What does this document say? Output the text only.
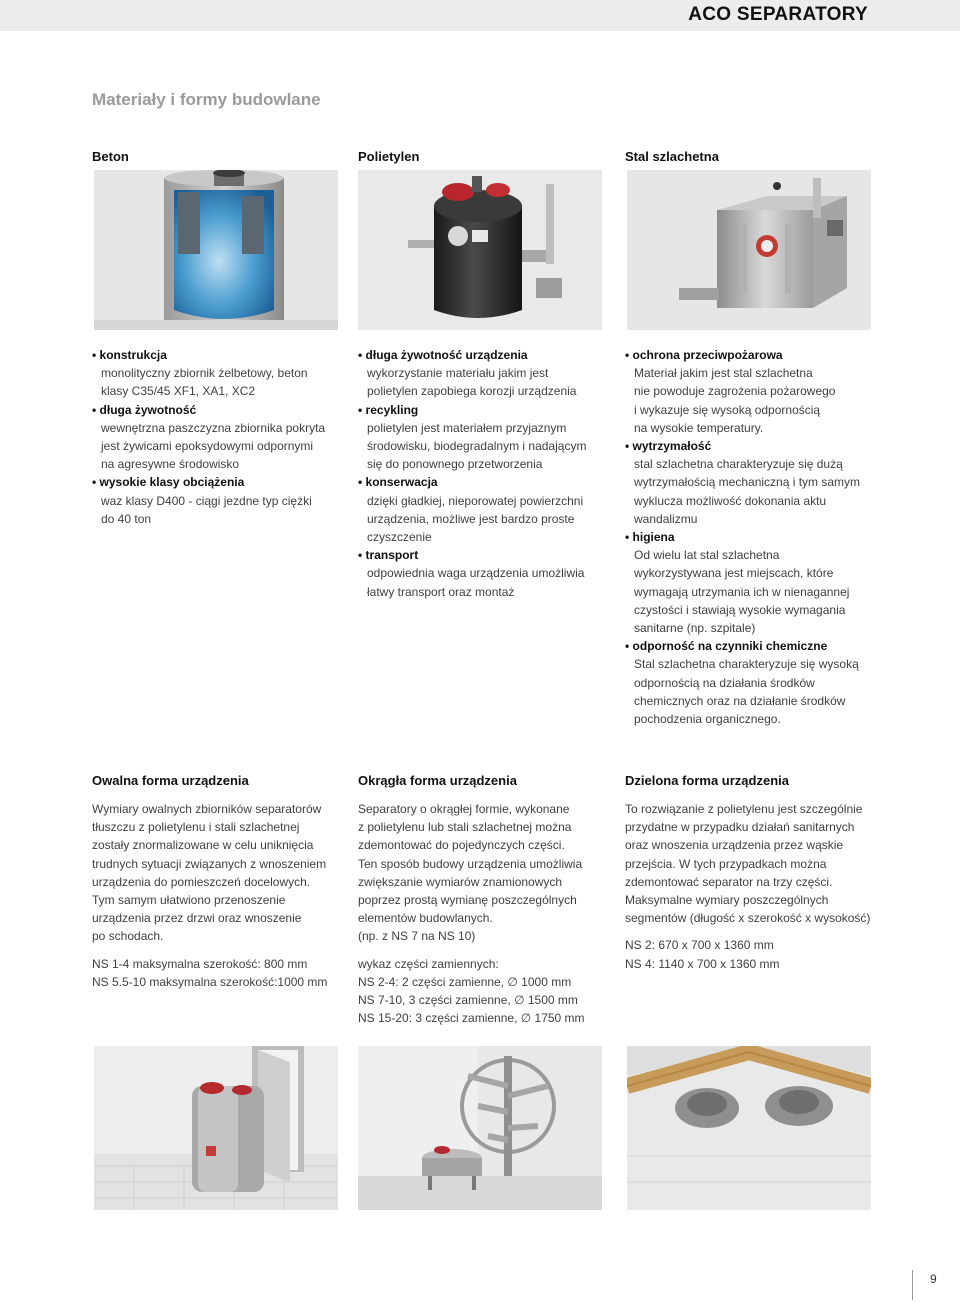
ACO SEPARATORY
Materiały i formy budowlane
Beton	Polietylen	Stal szlachetna
• konstrukcja
monolityczny zbiornik żelbetowy, beton
klasy C35/45 XF1, XA1, XC2
• długa żywotność
wewnętrzna paszczyzna zbiornika pokryta
jest żywicami epoksydowymi odpornymi
na agresywne środowisko
• wysokie klasy obciążenia
waz klasy D400 - ciągi jezdne typ ciężki
do 40 ton
• długa żywotność urządzenia
wykorzystanie materiału jakim jest
polietylen zapobiega korozji urządzenia
• recykling
polietylen jest materiałem przyjaznym
środowisku, biodegradalnym i nadającym
się do ponownego przetworzenia
• konserwacja
dzięki gładkiej, nieporowatej powierzchni
urządzenia, możliwe jest bardzo proste
czyszczenie
• transport
odpowiednia waga urządzenia umożliwia
łatwy transport oraz montaż
• ochrona przeciwpożarowa
Materiał jakim jest stal szlachetna
nie powoduje zagrożenia pożarowego
i wykazuje się wysoką odpornością
na wysokie temperatury.
• wytrzymałość
stal szlachetna charakteryzuje się dużą
wytrzymałością mechaniczną i tym samym
wyklucza możliwość dokonania aktu
wandalizmu
• higiena
Od wielu lat stal szlachetna
wykorzystywana jest miejscach, które
wymagają utrzymania ich w nienagannej
czystości i stawiają wysokie wymagania
sanitarne (np. szpitale)
• odporność na czynniki chemiczne
Stal szlachetna charakteryzuje się wysoką
odpornością na działania środków
chemicznych oraz na działanie środków
pochodzenia organicznego.
Owalna forma urządzenia	Okrągła forma urządzenia	Dzielona forma urządzenia
Wymiary owalnych zbiorników separatorów
tłuszczu z polietylenu i stali szlachetnej
zostały znormalizowane w celu uniknięcia
trudnych sytuacji związanych z wnoszeniem
urządzenia do pomieszczeń docelowych.
Tym samym ułatwiono przenoszenie
urządzenia przez drzwi oraz wnoszenie
po schodach.
NS 1-4 maksymalna szerokość: 800 mm
NS 5.5-10 maksymalna szerokość:1000 mm
Separatory o okrągłej formie, wykonane
z polietylenu lub stali szlachetnej można
zdemontować do pojedynczych części.
Ten sposób budowy urządzenia umożliwia
zwiększanie wymiarów znamionowych
poprzez prostą wymianę poszczególnych
elementów budowlanych.
(np. z NS 7 na NS 10)
wykaz części zamiennych:
NS 2-4: 2 części zamienne, ∅ 1000 mm
NS 7-10, 3 części zamienne, ∅ 1500 mm
NS 15-20: 3 części zamienne, ∅ 1750 mm
To rozwiązanie z polietylenu jest szczególnie
przydatne w przypadku działań sanitarnych
oraz wnoszenia urządzenia przez wąskie
przejścia. W tych przypadkach można
zdemontować separator na trzy części.
Maksymalne wymiary poszczególnych
segmentów (długość x szerokość x wysokość)
NS 2: 670 x 700 x 1360 mm
NS 4: 1140 x 700 x 1360 mm
9
